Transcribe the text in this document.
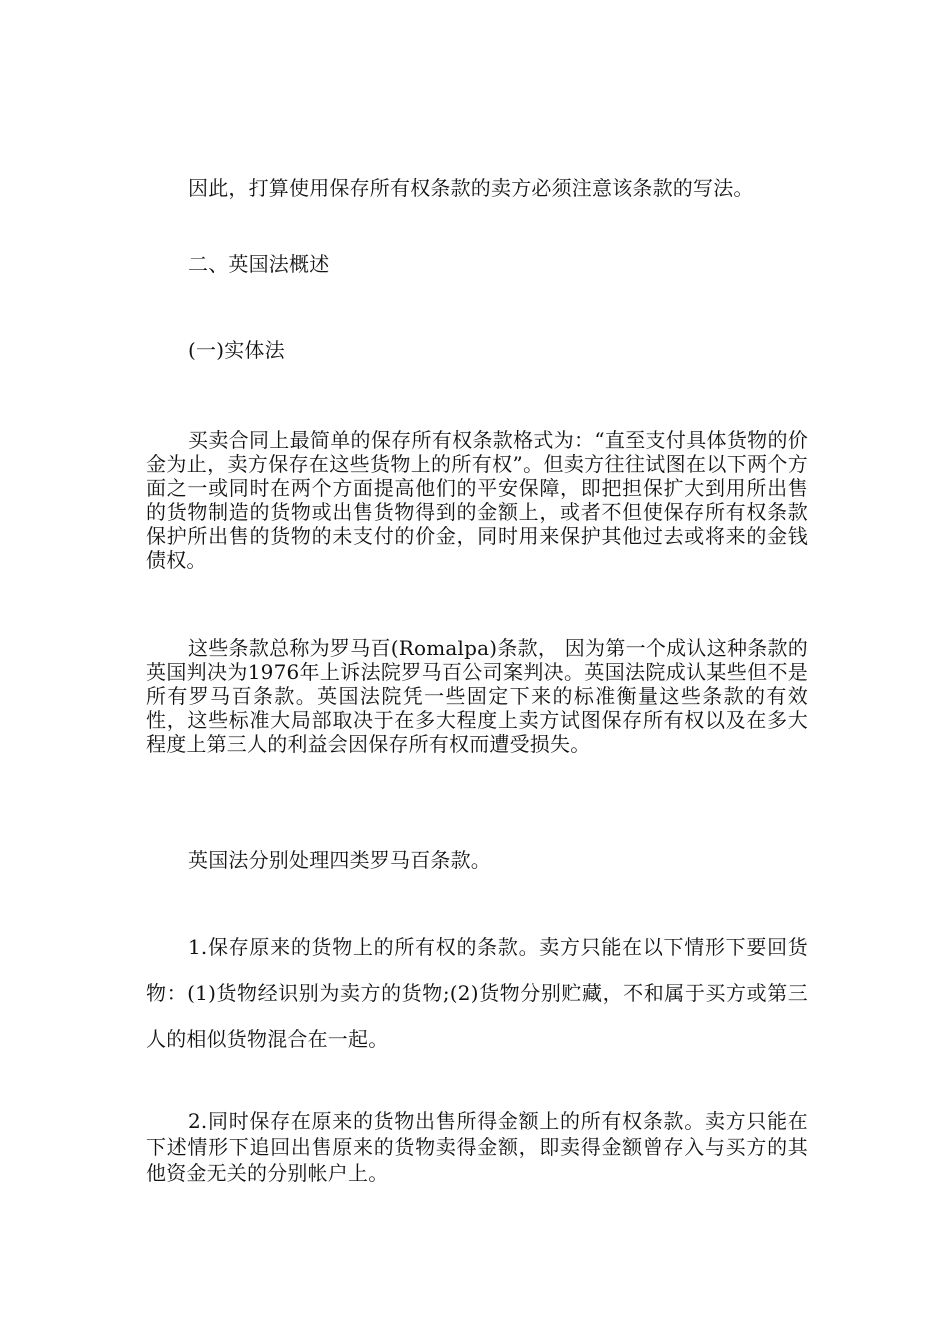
因此，打算使用保存所有权条款的卖方必须注意该条款的写法。

二、英国法概述

(一)实体法

买卖合同上最简单的保存所有权条款格式为：“直至支付具体货物的价金为止，卖方保存在这些货物上的所有权”。但卖方往往试图在以下两个方面之一或同时在两个方面提高他们的平安保障，即把担保扩大到用所出售的货物制造的货物或出售货物得到的金额上，或者不但使保存所有权条款保护所出售的货物的未支付的价金，同时用来保护其他过去或将来的金钱债权。

这些条款总称为罗马百(Romalpa)条款， 因为第一个成认这种条款的英国判决为1976年上诉法院罗马百公司案判决。英国法院成认某些但不是所有罗马百条款。英国法院凭一些固定下来的标准衡量这些条款的有效性，这些标准大局部取决于在多大程度上卖方试图保存所有权以及在多大程度上第三人的利益会因保存所有权而遭受损失。

英国法分别处理四类罗马百条款。

1.保存原来的货物上的所有权的条款。卖方只能在以下情形下要回货物：(1)货物经识别为卖方的货物;(2)货物分别贮藏，不和属于买方或第三人的相似货物混合在一起。

2.同时保存在原来的货物出售所得金额上的所有权条款。卖方只能在下述情形下追回出售原来的货物卖得金额，即卖得金额曾存入与买方的其他资金无关的分别帐户上。
